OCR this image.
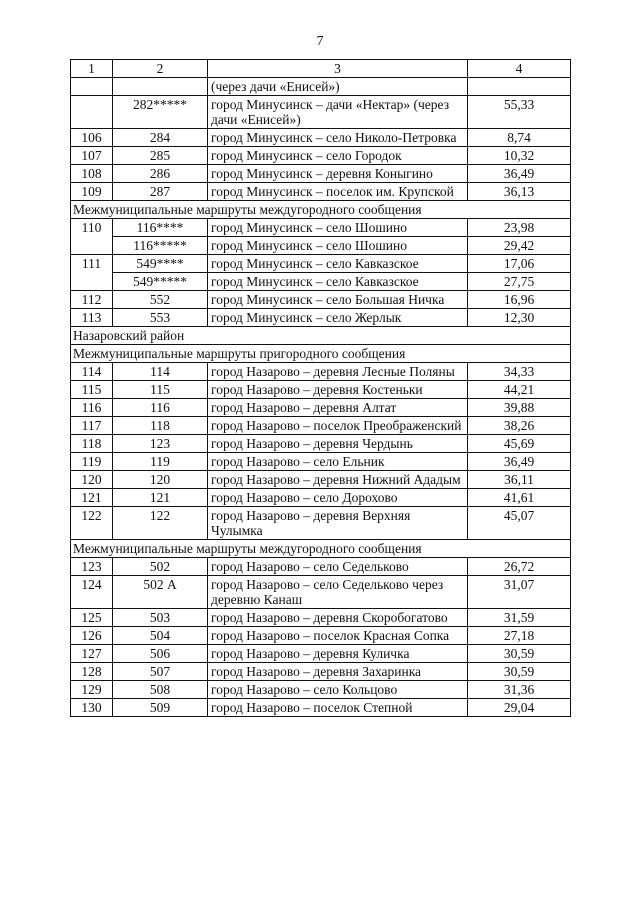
7
1	2	3	4
		(через дачи «Енисей»)	
	282*****	город Минусинск – дачи «Нектар» (через дачи «Енисей»)	55,33
106	284	город Минусинск – село Николо-Петровка	8,74
107	285	город Минусинск – село Городок	10,32
108	286	город Минусинск – деревня Коныгино	36,49
109	287	город Минусинск – поселок им. Крупской	36,13
Межмуниципальные маршруты междугородного сообщения			
110	116****	город Минусинск – село Шошино	23,98
	116*****	город Минусинск – село Шошино	29,42
111	549****	город Минусинск – село Кавказское	17,06
	549*****	город Минусинск – село Кавказское	27,75
112	552	город Минусинск – село Большая Ничка	16,96
113	553	город Минусинск – село Жерлык	12,30
Назаровский район			
Межмуниципальные маршруты пригородного сообщения			
114	114	город Назарово – деревня Лесные Поляны	34,33
115	115	город Назарово – деревня Костеньки	44,21
116	116	город Назарово – деревня Алтат	39,88
117	118	город Назарово – поселок Преображенский	38,26
118	123	город Назарово – деревня Чердынь	45,69
119	119	город Назарово – село Ельник	36,49
120	120	город Назарово – деревня Нижний Ададым	36,11
121	121	город Назарово – село Дорохово	41,61
122	122	город Назарово – деревня Верхняя Чулымка	45,07
Межмуниципальные маршруты междугородного сообщения			
123	502	город Назарово – село Седельково	26,72
124	502 А	город Назарово – село Седельково через деревню Канаш	31,07
125	503	город Назарово – деревня Скоробогатово	31,59
126	504	город Назарово – поселок Красная Сопка	27,18
127	506	город Назарово – деревня Куличка	30,59
128	507	город Назарово – деревня Захаринка	30,59
129	508	город Назарово – село Кольцово	31,36
130	509	город Назарово – поселок Степной	29,04
